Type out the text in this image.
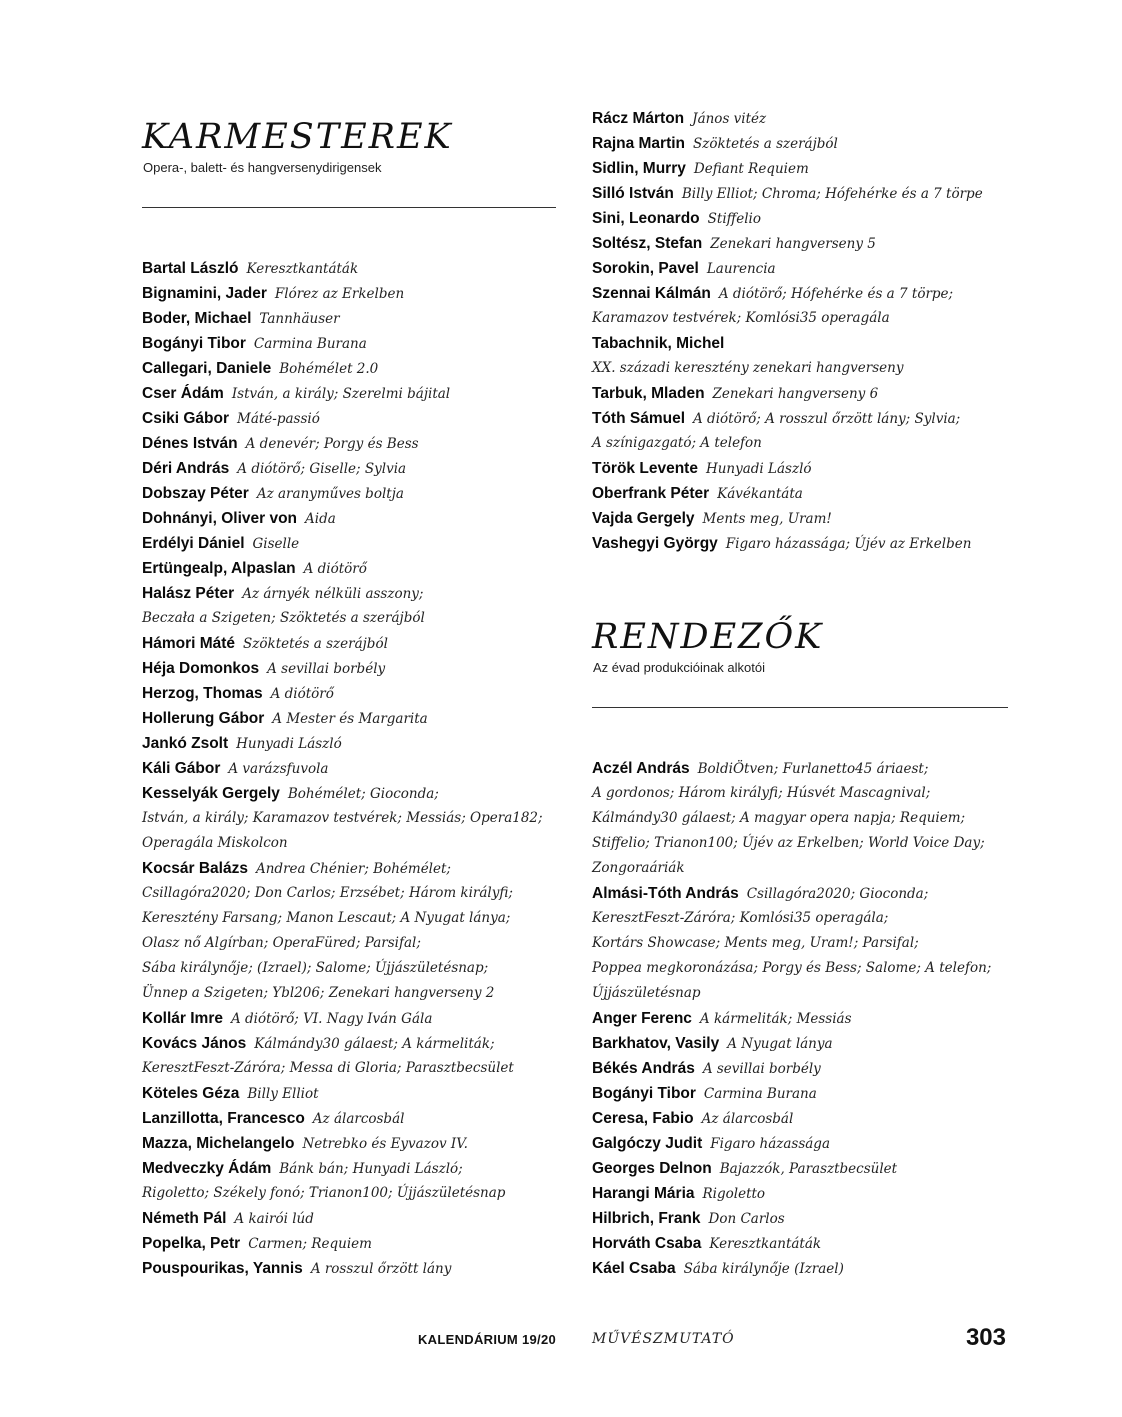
KARMESTEREK
Opera-, balett- és hangversenydirigensek
Bartal László Keresztkantáták
Bignamini, Jader Flórez az Erkelben
Boder, Michael Tannhäuser
Bogányi Tibor Carmina Burana
Callegari, Daniele Bohémélet 2.0
Cser Ádám István, a király; Szerelmi bájital
Csiki Gábor Máté-passió
Dénes István A denevér; Porgy és Bess
Déri András A diótörő; Giselle; Sylvia
Dobszay Péter Az aranyműves boltja
Dohnányi, Oliver von Aida
Erdélyi Dániel Giselle
Ertüngealp, Alpaslan A diótörő
Halász Péter Az árnyék nélküli asszony;
Beczała a Szigeten; Szöktetés a szerájból
Hámori Máté Szöktetés a szerájból
Héja Domonkos A sevillai borbély
Herzog, Thomas A diótörő
Hollerung Gábor A Mester és Margarita
Jankó Zsolt Hunyadi László
Káli Gábor A varázsfuvola
Kesselyák Gergely Bohémélet; Gioconda;
István, a király; Karamazov testvérek; Messiás; Opera182;
Operagála Miskolcon
Kocsár Balázs Andrea Chénier; Bohémélet;
Csillagóra2020; Don Carlos; Erzsébet; Három királyfi;
Keresztény Farsang; Manon Lescaut; A Nyugat lánya;
Olasz nő Algírban; OperaFüred; Parsifal;
Sába királynője; (Izrael); Salome; Újjászületésnap;
Ünnep a Szigeten; Ybl206; Zenekari hangverseny 2
Kollár Imre A diótörő; VI. Nagy Iván Gála
Kovács János Kálmándy30 gálaest; A kármeliták;
KeresztFeszt-Záróra; Messa di Gloria; Parasztbecsület
Köteles Géza Billy Elliot
Lanzillotta, Francesco Az álarcosbál
Mazza, Michelangelo Netrebko és Eyvazov IV.
Medveczky Ádám Bánk bán; Hunyadi László;
Rigoletto; Székely fonó; Trianon100; Újjászületésnap
Németh Pál A kairói lúd
Popelka, Petr Carmen; Requiem
Pouspourikas, Yannis A rosszul őrzött lány
Rácz Márton János vitéz
Rajna Martin Szöktetés a szerájból
Sidlin, Murry Defiant Requiem
Silló István Billy Elliot; Chroma; Hófehérke és a 7 törpe
Sini, Leonardo Stiffelio
Soltész, Stefan Zenekari hangverseny 5
Sorokin, Pavel Laurencia
Szennai Kálmán A diótörő; Hófehérke és a 7 törpe;
Karamazov testvérek; Komlósi35 operagála
Tabachnik, Michel
XX. századi keresztény zenekari hangverseny
Tarbuk, Mladen Zenekari hangverseny 6
Tóth Sámuel A diótörő; A rosszul őrzött lány; Sylvia;
A színigazgató; A telefon
Török Levente Hunyadi László
Oberfrank Péter Kávékantáta
Vajda Gergely Ments meg, Uram!
Vashegyi György Figaro házassága; Újév az Erkelben
RENDEZŐK
Az évad produkcióinak alkotói
Aczél András BoldiÖtven; Furlanetto45 áriaest;
A gordonos; Három királyfi; Húsvét Mascagnival;
Kálmándy30 gálaest; A magyar opera napja; Requiem;
Stiffelio; Trianon100; Újév az Erkelben; World Voice Day;
Zongoraáriák
Almási-Tóth András Csillagóra2020; Gioconda;
KeresztFeszt-Záróra; Komlósi35 operagála;
Kortárs Showcase; Ments meg, Uram!; Parsifal;
Poppea megkoronázása; Porgy és Bess; Salome; A telefon;
Újjászületésnap
Anger Ferenc A kármeliták; Messiás
Barkhatov, Vasily A Nyugat lánya
Békés András A sevillai borbély
Bogányi Tibor Carmina Burana
Ceresa, Fabio Az álarcosbál
Galgóczy Judit Figaro házassága
Georges Delnon Bajazzók, Parasztbecsület
Harangi Mária Rigoletto
Hilbrich, Frank Don Carlos
Horváth Csaba Keresztkantáták
Káel Csaba Sába királynője (Izrael)
KALENDÁRIUM 19/20	MŰVÉSZMUTATÓ	303
